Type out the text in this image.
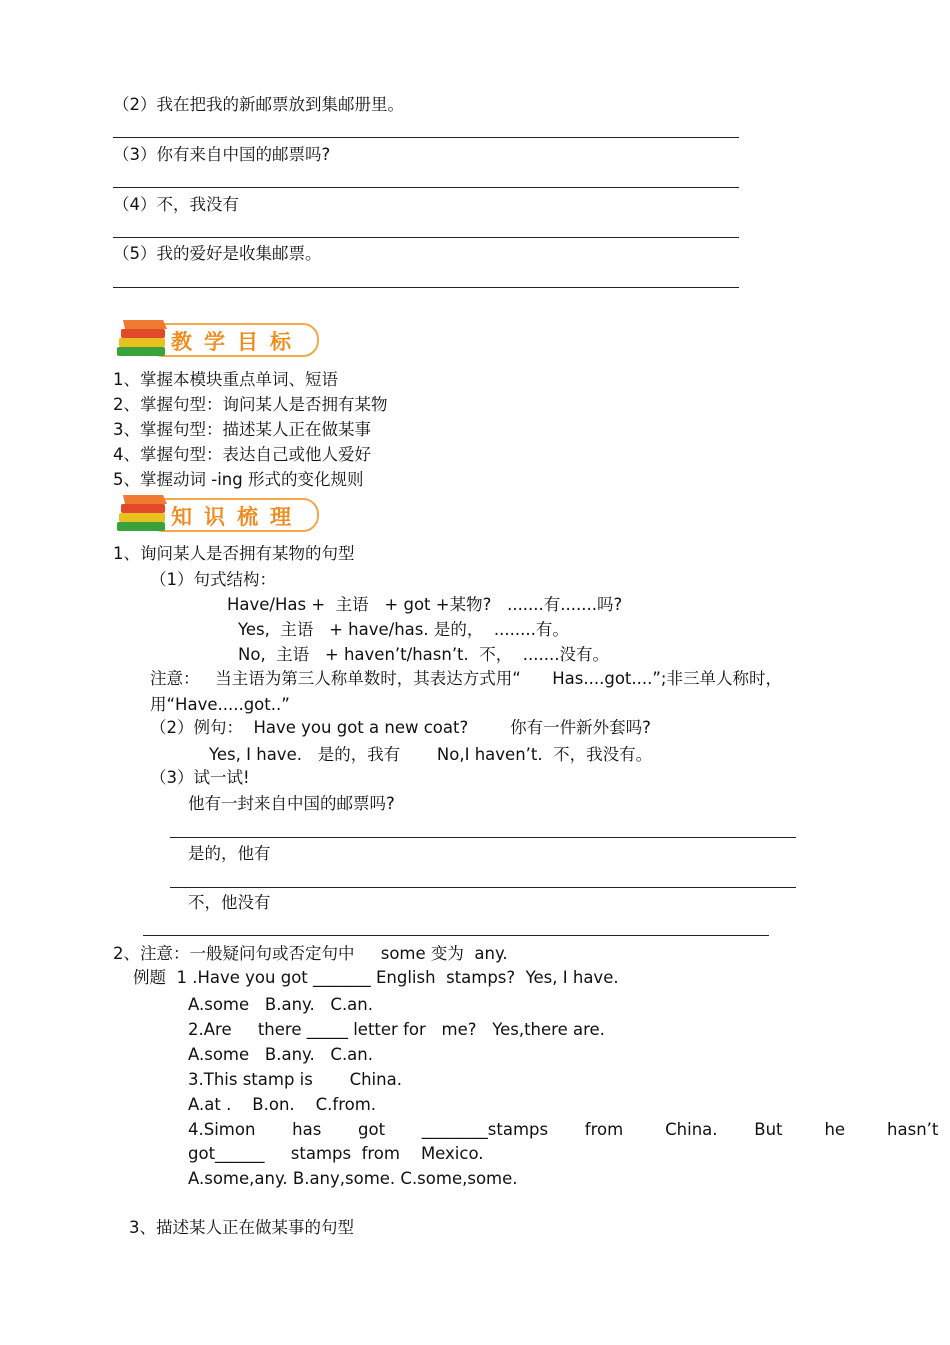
（2）我在把我的新邮票放到集邮册里。
（3）你有来自中国的邮票吗?
（4）不，我没有
（5）我的爱好是收集邮票。
教学目标
1、掌握本模块重点单词、短语
2、掌握句型：询问某人是否拥有某物
3、掌握句型：描述某人正在做某事
4、掌握句型：表达自己或他人爱好
5、掌握动词 -ing 形式的变化规则
知识梳理
1、询问某人是否拥有某物的句型
（1）句式结构：
Have/Has +  主语   + got +某物?   .......有.......吗?
Yes,  主语   + have/has. 是的，  ........有。
No,  主语   + haven’t/hasn’t.  不，  .......没有。
注意：   当主语为第三人称单数时，其表达方式用“      Has....got....”;非三单人称时，
用“Have.....got..”
（2）例句：  Have you got a new coat?        你有一件新外套吗?
Yes, I have.   是的，我有       No,I haven’t.  不，我没有。
（3）试一试!
他有一封来自中国的邮票吗?
是的，他有
不，他没有
2、注意：一般疑问句或否定句中     some 变为  any.
例题  1 .Have you got _______ English  stamps?  Yes, I have.
A.some   B.any.   C.an.
2.Are     there _____ letter for   me?   Yes,there are.
A.some   B.any.   C.an.
3.This stamp is       China.
A.at .    B.on.    C.from.
4.Simon       has       got       ________stamps       from        China.       But        he        hasn’t
got______     stamps  from    Mexico.
A.some,any. B.any,some. C.some,some.
3、描述某人正在做某事的句型
